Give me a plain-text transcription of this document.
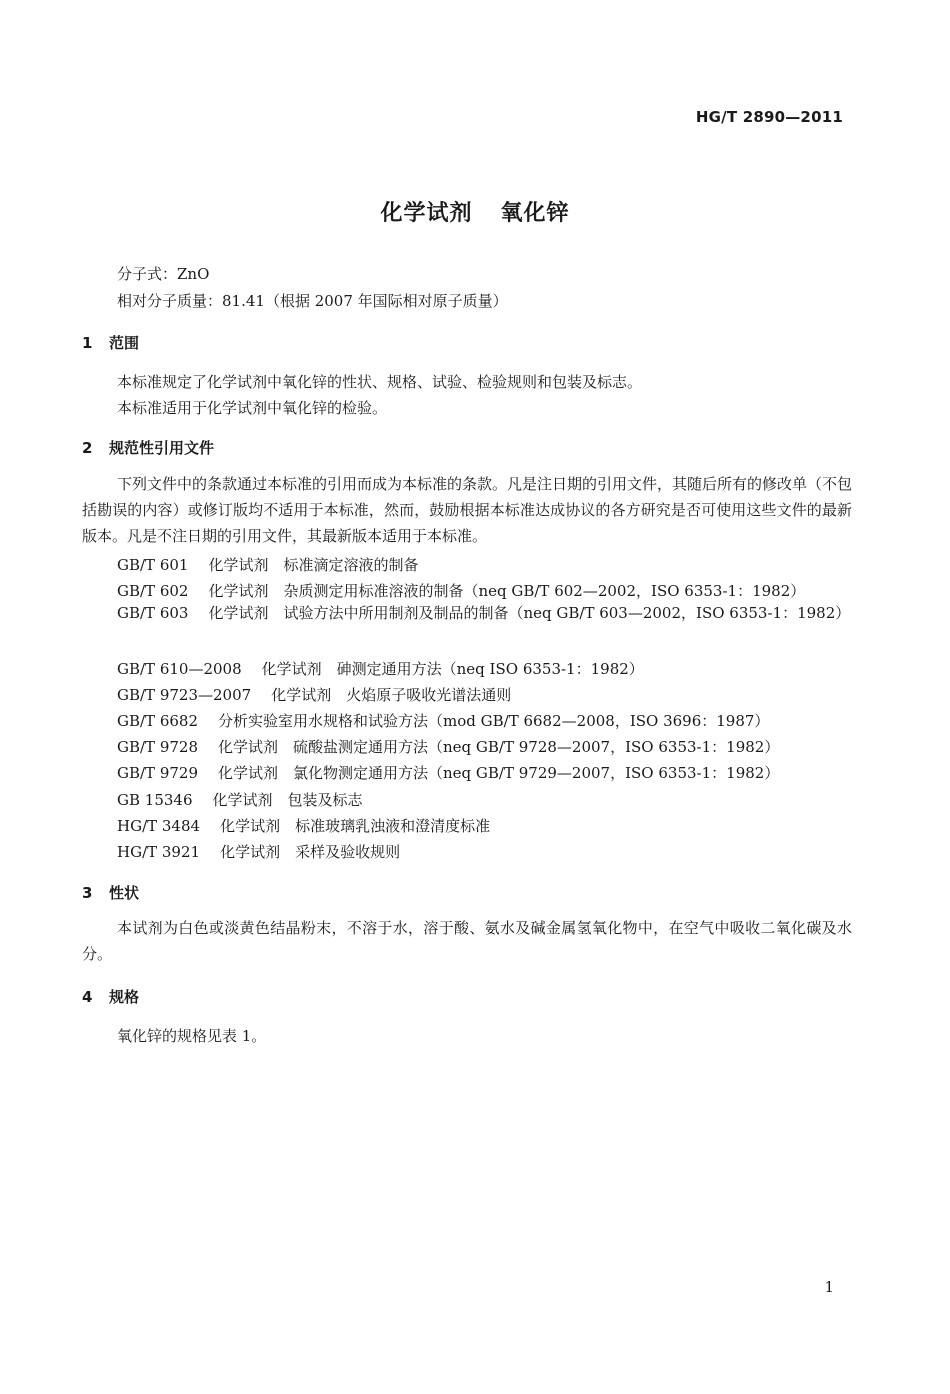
HG/T 2890—2011
化学试剂 氧化锌
分子式：ZnO
相对分子质量：81.41（根据 2007 年国际相对原子质量）
1 范围
本标准规定了化学试剂中氧化锌的性状、规格、试验、检验规则和包装及标志。
本标准适用于化学试剂中氧化锌的检验。
2 规范性引用文件
下列文件中的条款通过本标准的引用而成为本标准的条款。凡是注日期的引用文件，其随后所有的修改单（不包括勘误的内容）或修订版均不适用于本标准，然而，鼓励根据本标准达成协议的各方研究是否可使用这些文件的最新版本。凡是不注日期的引用文件，其最新版本适用于本标准。
GB/T 601 化学试剂　标准滴定溶液的制备
GB/T 602 化学试剂　杂质测定用标准溶液的制备（neq GB/T 602—2002，ISO 6353-1：1982）
GB/T 603 化学试剂　试验方法中所用制剂及制品的制备（neq GB/T 603—2002，ISO 6353-1：1982）
GB/T 610—2008 化学试剂　砷测定通用方法（neq ISO 6353-1：1982）
GB/T 9723—2007 化学试剂　火焰原子吸收光谱法通则
GB/T 6682 分析实验室用水规格和试验方法（mod GB/T 6682—2008，ISO 3696：1987）
GB/T 9728 化学试剂　硫酸盐测定通用方法（neq GB/T 9728—2007，ISO 6353-1：1982）
GB/T 9729 化学试剂　氯化物测定通用方法（neq GB/T 9729—2007，ISO 6353-1：1982）
GB 15346 化学试剂　包装及标志
HG/T 3484 化学试剂　标准玻璃乳浊液和澄清度标准
HG/T 3921 化学试剂　采样及验收规则
3 性状
本试剂为白色或淡黄色结晶粉末，不溶于水，溶于酸、氨水及碱金属氢氧化物中，在空气中吸收二氧化碳及水分。
4 规格
氧化锌的规格见表 1。
1
